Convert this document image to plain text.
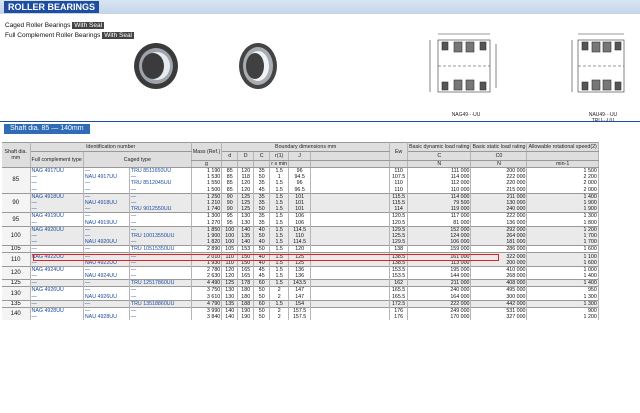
ROLLER BEARINGS
Caged Roller Bearings With Seal
Full Complement Roller Bearings With Seal
NAG49···UU	NAU49···UU
Shaft dia. 85 — 140mm
Shaft dia.
mm	Identification number			Mass (Ref.)	Boundary dimensions mm						Ew	Basic dynamic load rating	Basic static load rating	Allowable rotational speed(2)
	Full complement type	Caged type			d	D	C	r(1)	J			C	C0	
				g				r s min				N	N	min-1
85	NAG 4917UU	—	TRU 8511650UU	1 190	85	120	35	1.5	96		110	111 000	200 000	1 500
	—	NAU 4917UU	—	1 530	85	118	50	1	94.5		107.5	114 000	222 000	2 200
	—	—	TRU 8512045UU	1 550	85	120	35	1.5	96		110	112 000	220 000	2 000
	—	—	—	1 500	85	120	45	1.5	96.5		110	110 000	215 000	2 000
90	NAG 4918UU	—	—	1 250	90	125	35	1.5	101		115.5	114 000	211 000	1 400
	—	NAU 4918UU	—	1 210	90	125	35	1.5	101		115.5	79 500	130 000	1 900
	—	—	TRU 9012550UU	1 740	90	125	50	1.5	101		114	119 000	240 000	1 900
95	NAG 4919UU	—	—	1 300	95	130	35	1.5	106		120.5	117 000	222 000	1 300
	—	NAU 4919UU	—	1 270	95	130	35	1.5	106		120.5	81 000	136 000	1 800
100	NAG 4920UU	—	—	1 850	100	140	40	1.5	114.5		129.5	152 000	292 000	1 200
	—	—	TRU 10013550UU	1 900	100	135	50	1.5	110		125.5	124 000	264 000	1 700
	—	NAU 4920UU	—	1 820	100	140	40	1.5	114.5		129.5	106 000	181 000	1 700
105	—	—	TRU 10515350UU	2 890	105	153	50	1.5	120		138	159 000	286 000	1 600
110	NAG 4922UU	—	—	2 010	110	150	40	1.5	125		138.5	161 000	322 000	1 100
	—	NAU 4922UU	—	1 930	110	150	40	1.5	125		138.5	113 000	200 000	1 600
120	NAG 4924UU	—	—	2 780	120	165	45	1.5	136		153.5	195 000	410 000	1 000
	—	NAU 4924UU	—	2 630	120	165	45	1.5	136		153.5	144 000	268 000	1 400
125	—	—	TRU 12517860UU	4 490	125	178	60	1.5	143.5		162	211 000	408 000	1 400
130	NAG 4926UU	—	—	3 750	130	180	50	2	147		165.5	240 000	495 000	950
	—	NAU 4926UU	—	3 610	130	180	50	2	147		165.5	164 000	300 000	1 300
135	—	—	TRU 13518860UU	4 790	135	188	60	1.5	154		172.5	222 000	442 000	1 300
140	NAG 4928UU	—	—	3 990	140	190	50	2	157.5		176	249 000	531 000	900
	—	NAU 4928UU	—	3 840	140	190	50	2	157.5		176	170 000	327 000	1 200
